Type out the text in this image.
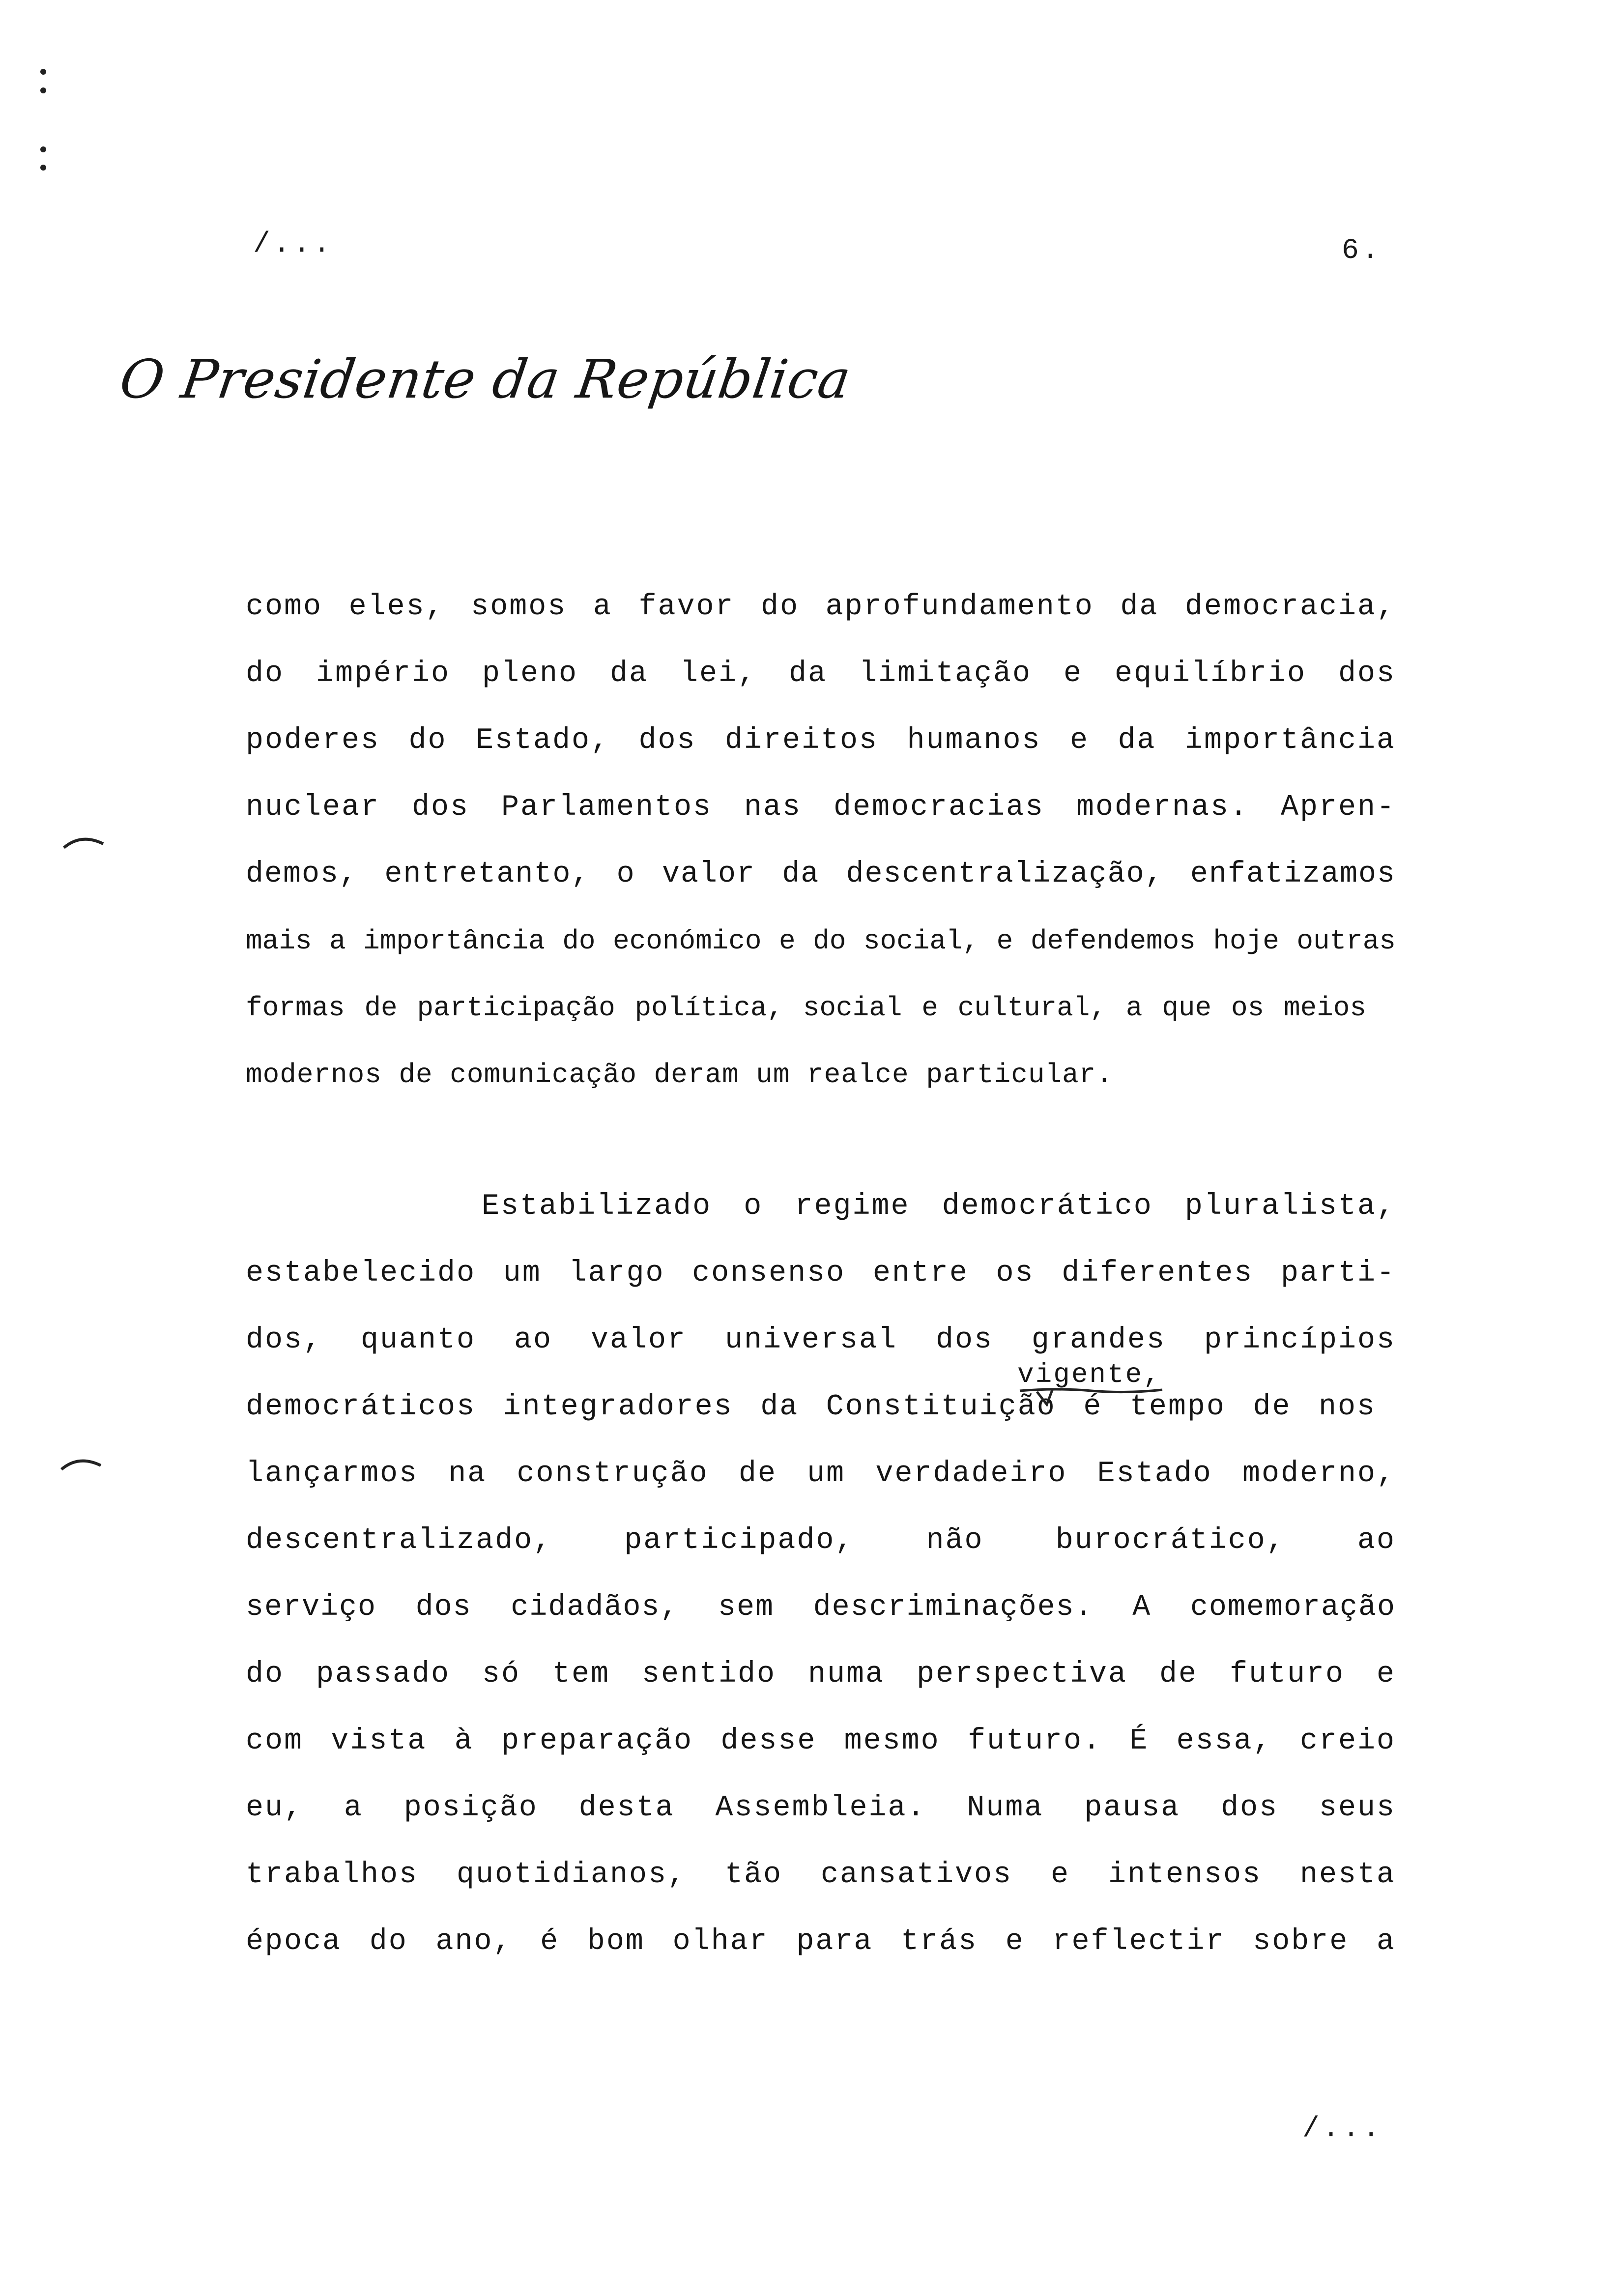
/...	6.
O Presidente da República
como eles, somos a favor do aprofundamento da democracia,
do império pleno da lei, da limitação e equilíbrio dos
poderes do Estado, dos direitos humanos e da importância
nuclear dos Parlamentos nas democracias modernas. Apren-
demos, entretanto, o valor da descentralização, enfatizamos
mais a importância do económico e do social, e defendemos hoje outras
formas de participação política, social e cultural, a que os meios
modernos de comunicação deram um realce particular.
Estabilizado o regime democrático pluralista,
estabelecido um largo consenso entre os diferentes parti-
dos, quanto ao valor universal dos grandes princípios
democráticos integradores da Constituição é tempo de nos
lançarmos na construção de um verdadeiro Estado moderno,
descentralizado, participado, não burocrático, ao
serviço dos cidadãos, sem descriminações. A comemoração
do passado só tem sentido numa perspectiva de futuro e
com vista à preparação desse mesmo futuro. É essa, creio
eu, a posição desta Assembleia. Numa pausa dos seus
trabalhos quotidianos, tão cansativos e intensos nesta
época do ano, é bom olhar para trás e reflectir sobre a
vigente,
/...
